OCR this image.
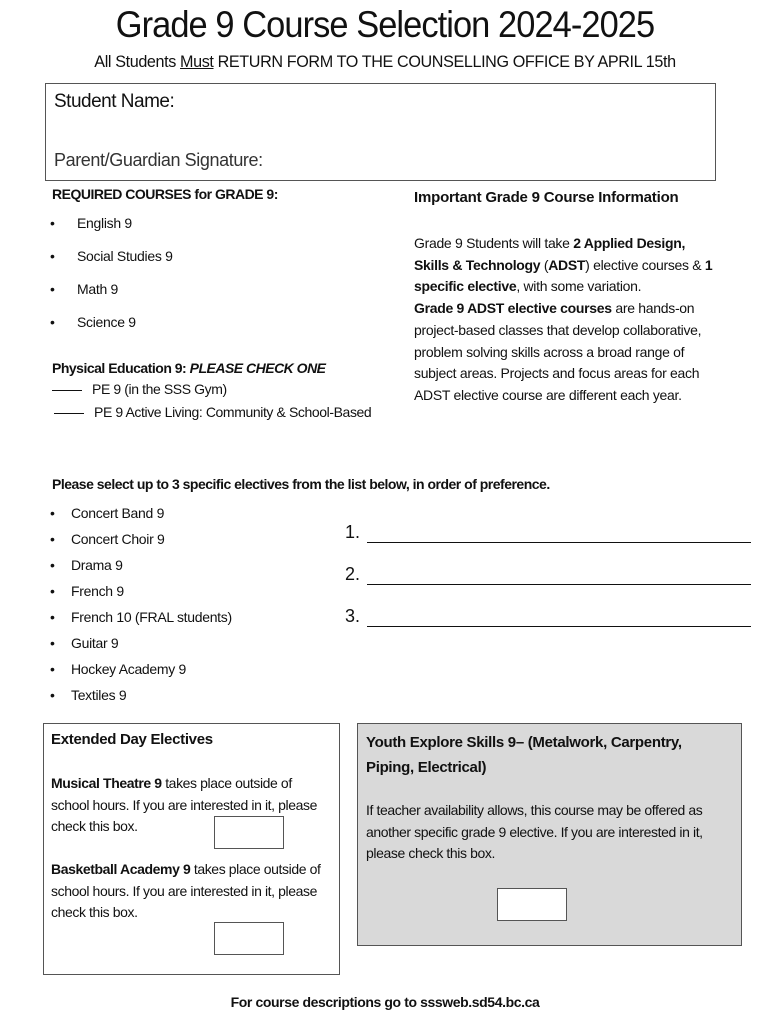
Grade 9 Course Selection 2024-2025
All Students Must RETURN FORM TO THE COUNSELLING OFFICE BY APRIL 15th
Student Name:
Parent/Guardian Signature:
REQUIRED COURSES for GRADE 9:
•	English 9
•	Social Studies 9
•	Math 9
•	Science 9
Physical Education 9: PLEASE CHECK ONE
PE 9 (in the SSS Gym)
PE 9 Active Living: Community & School-Based
Important Grade 9 Course Information
Grade 9 Students will take 2 Applied Design, Skills & Technology (ADST) elective courses & 1 specific elective, with some variation.
Grade 9 ADST elective courses are hands-on project-based classes that develop collaborative, problem solving skills across a broad range of subject areas. Projects and focus areas for each ADST elective course are different each year.
Please select up to 3 specific electives from the list below, in order of preference.
•	Concert Band 9
•	Concert Choir 9
•	Drama 9
•	French 9
•	French 10 (FRAL students)
•	Guitar 9
•	Hockey Academy 9
•	Textiles 9
1.
2.
3.
Extended Day Electives
Musical Theatre 9 takes place outside of school hours. If you are interested in it, please check this box.
Basketball Academy 9 takes place outside of school hours. If you are interested in it, please check this box.
Youth Explore Skills 9– (Metalwork, Carpentry, Piping, Electrical)
If teacher availability allows, this course may be offered as another specific grade 9 elective. If you are interested in it, please check this box.
For course descriptions go to sssweb.sd54.bc.ca
